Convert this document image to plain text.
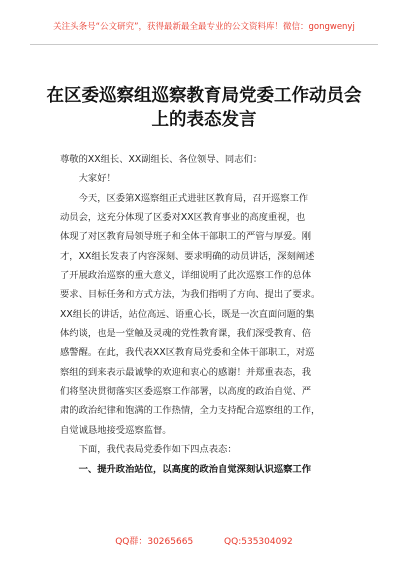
关注头条号“公文研究”，获得最新最全最专业的公文资料库！微信：gongwenyj
在区委巡察组巡察教育局党委工作动员会
上的表态发言
尊敬的XX组长、XX副组长、各位领导、同志们：
　　大家好！
　　今天，区委第X巡察组正式进驻区教育局，召开巡察工作
动员会，这充分体现了区委对XX区教育事业的高度重视，也
体现了对区教育局领导班子和全体干部职工的严管与厚爱。刚
才，XX组长发表了内容深刻、要求明确的动员讲话，深刻阐述
了开展政治巡察的重大意义，详细说明了此次巡察工作的总体
要求、目标任务和方式方法，为我们指明了方向、提出了要求。
XX组长的讲话，站位高远、语重心长，既是一次直面问题的集
体约谈，也是一堂触及灵魂的党性教育课，我们深受教育、倍
感警醒。在此，我代表XX区教育局党委和全体干部职工，对巡
察组的到来表示最诚挚的欢迎和衷心的感谢！并郑重表态，我
们将坚决贯彻落实区委巡察工作部署，以高度的政治自觉、严
肃的政治纪律和饱满的工作热情，全力支持配合巡察组的工作，
自觉诚恳地接受巡察监督。
　　下面，我代表局党委作如下四点表态：
　　一、提升政治站位，以高度的政治自觉深刻认识巡察工作
QQ群：30265665	QQ:535304092
